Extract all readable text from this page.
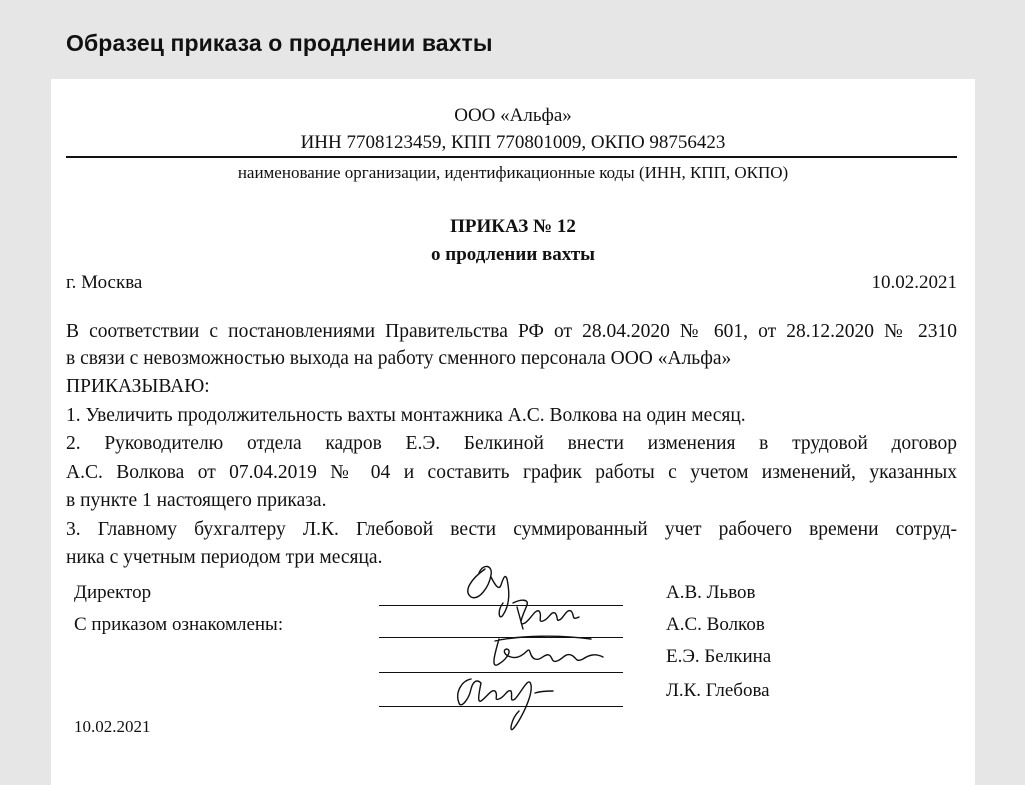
Образец приказа о продлении вахты
ООО «Альфа»
ИНН 7708123459, КПП 770801009, ОКПО 98756423
наименование организации, идентификационные коды (ИНН, КПП, ОКПО)
ПРИКАЗ № 12
о продлении вахты
г. Москва	10.02.2021
В соответствии с постановлениями Правительства РФ от 28.04.2020 № 601, от 28.12.2020 № 2310
в связи с невозможностью выхода на работу сменного персонала ООО «Альфа»
ПРИКАЗЫВАЮ:
1. Увеличить продолжительность вахты монтажника А.С. Волкова на один месяц.
2. Руководителю отдела кадров Е.Э. Белкиной внести изменения в трудовой договор
А.С. Волкова от 07.04.2019 № 04 и составить график работы с учетом изменений, указанных
в пункте 1 настоящего приказа.
3. Главному бухгалтеру Л.К. Глебовой вести суммированный учет рабочего времени сотруд-
ника с учетным периодом три месяца.
Директор	А.В. Львов
С приказом ознакомлены:	А.С. Волков
Е.Э. Белкина
Л.К. Глебова
10.02.2021
